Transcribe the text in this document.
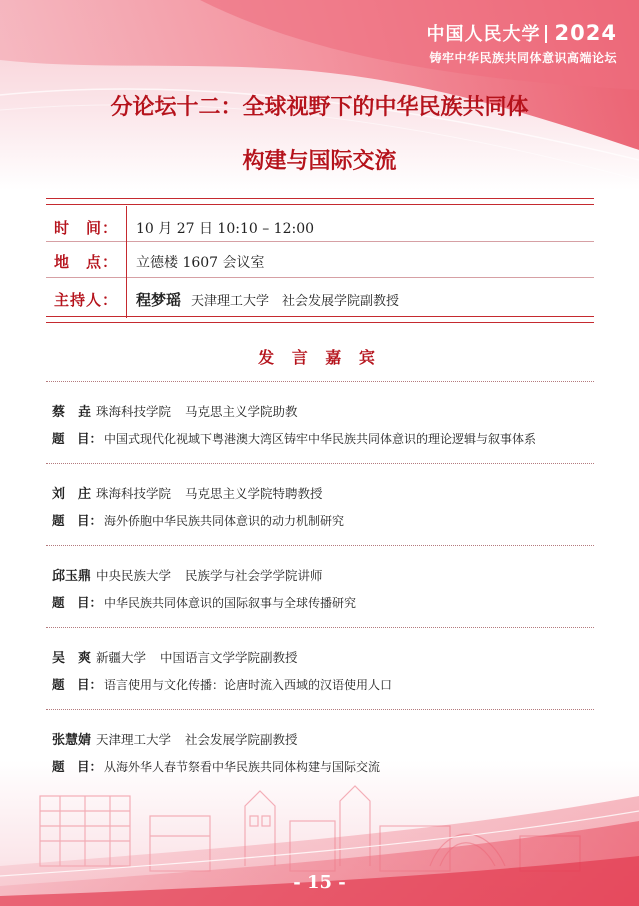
中国人民大学 2024
铸牢中华民族共同体意识高端论坛
分论坛十二：全球视野下的中华民族共同体
构建与国际交流
时　间：	10 月 27 日 10:10 – 12:00
地　点：	立德楼 1607 会议室
主持人：	程梦瑶 天津理工大学　社会发展学院副教授
发 言 嘉 宾
蔡　垚 珠海科技学院 马克思主义学院助教
题　目： 中国式现代化视域下粤港澳大湾区铸牢中华民族共同体意识的理论逻辑与叙事体系
刘　庄 珠海科技学院 马克思主义学院特聘教授
题　目： 海外侨胞中华民族共同体意识的动力机制研究
邱玉鼎 中央民族大学 民族学与社会学学院讲师
题　目： 中华民族共同体意识的国际叙事与全球传播研究
吴　爽 新疆大学 中国语言文学学院副教授
题　目： 语言使用与文化传播：论唐时流入西域的汉语使用人口
张慧婧 天津理工大学 社会发展学院副教授
题　目： 从海外华人春节祭看中华民族共同体构建与国际交流
- 15 -
